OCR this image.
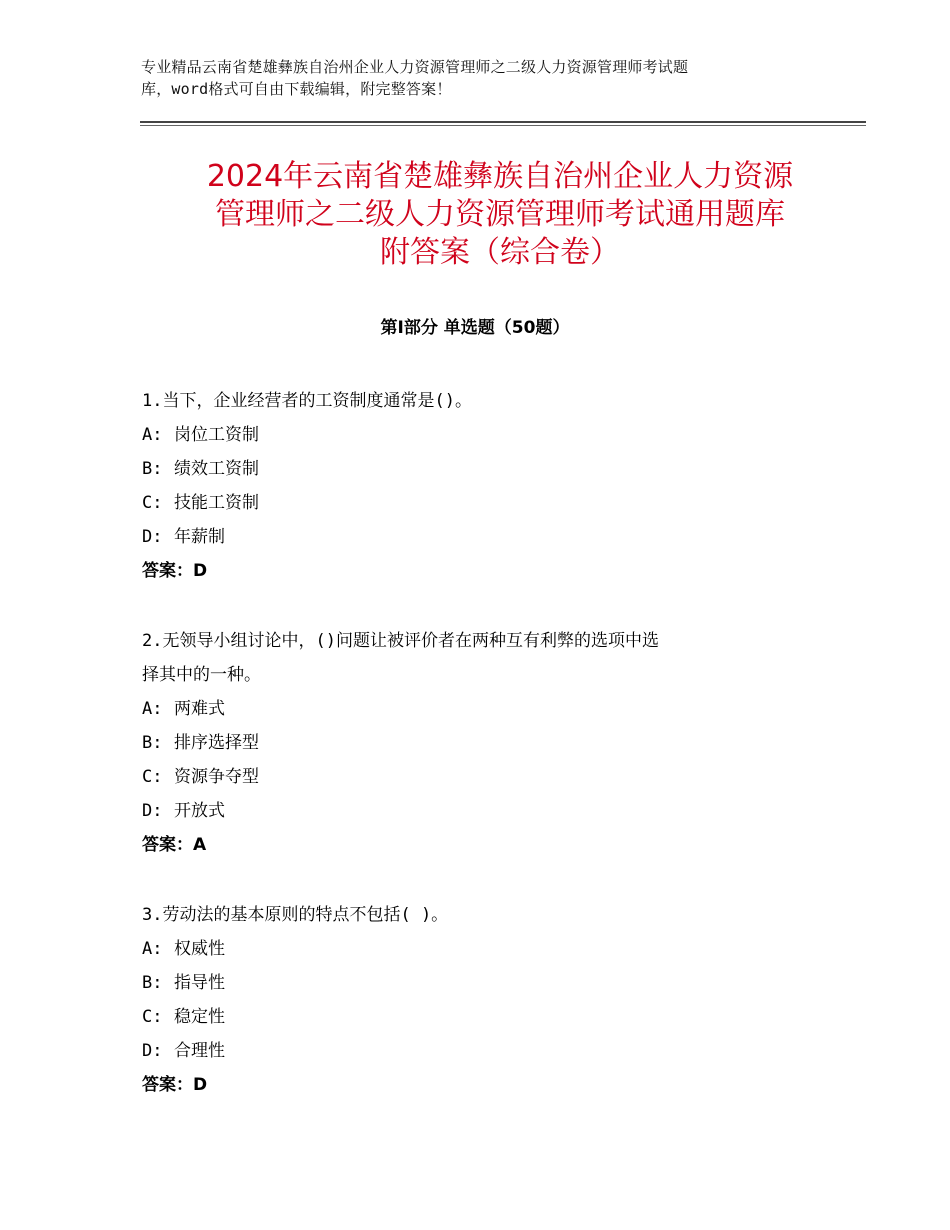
专业精品云南省楚雄彝族自治州企业人力资源管理师之二级人力资源管理师考试题
库，word格式可自由下载编辑，附完整答案！
2024年云南省楚雄彝族自治州企业人力资源
管理师之二级人力资源管理师考试通用题库
附答案（综合卷）
第Ⅰ部分 单选题（50题）
1.当下，企业经营者的工资制度通常是()。
A: 岗位工资制
B: 绩效工资制
C: 技能工资制
D: 年薪制
答案：D
2.无领导小组讨论中，()问题让被评价者在两种互有利弊的选项中选
择其中的一种。
A: 两难式
B: 排序选择型
C: 资源争夺型
D: 开放式
答案：A
3.劳动法的基本原则的特点不包括( )。
A: 权威性
B: 指导性
C: 稳定性
D: 合理性
答案：D
